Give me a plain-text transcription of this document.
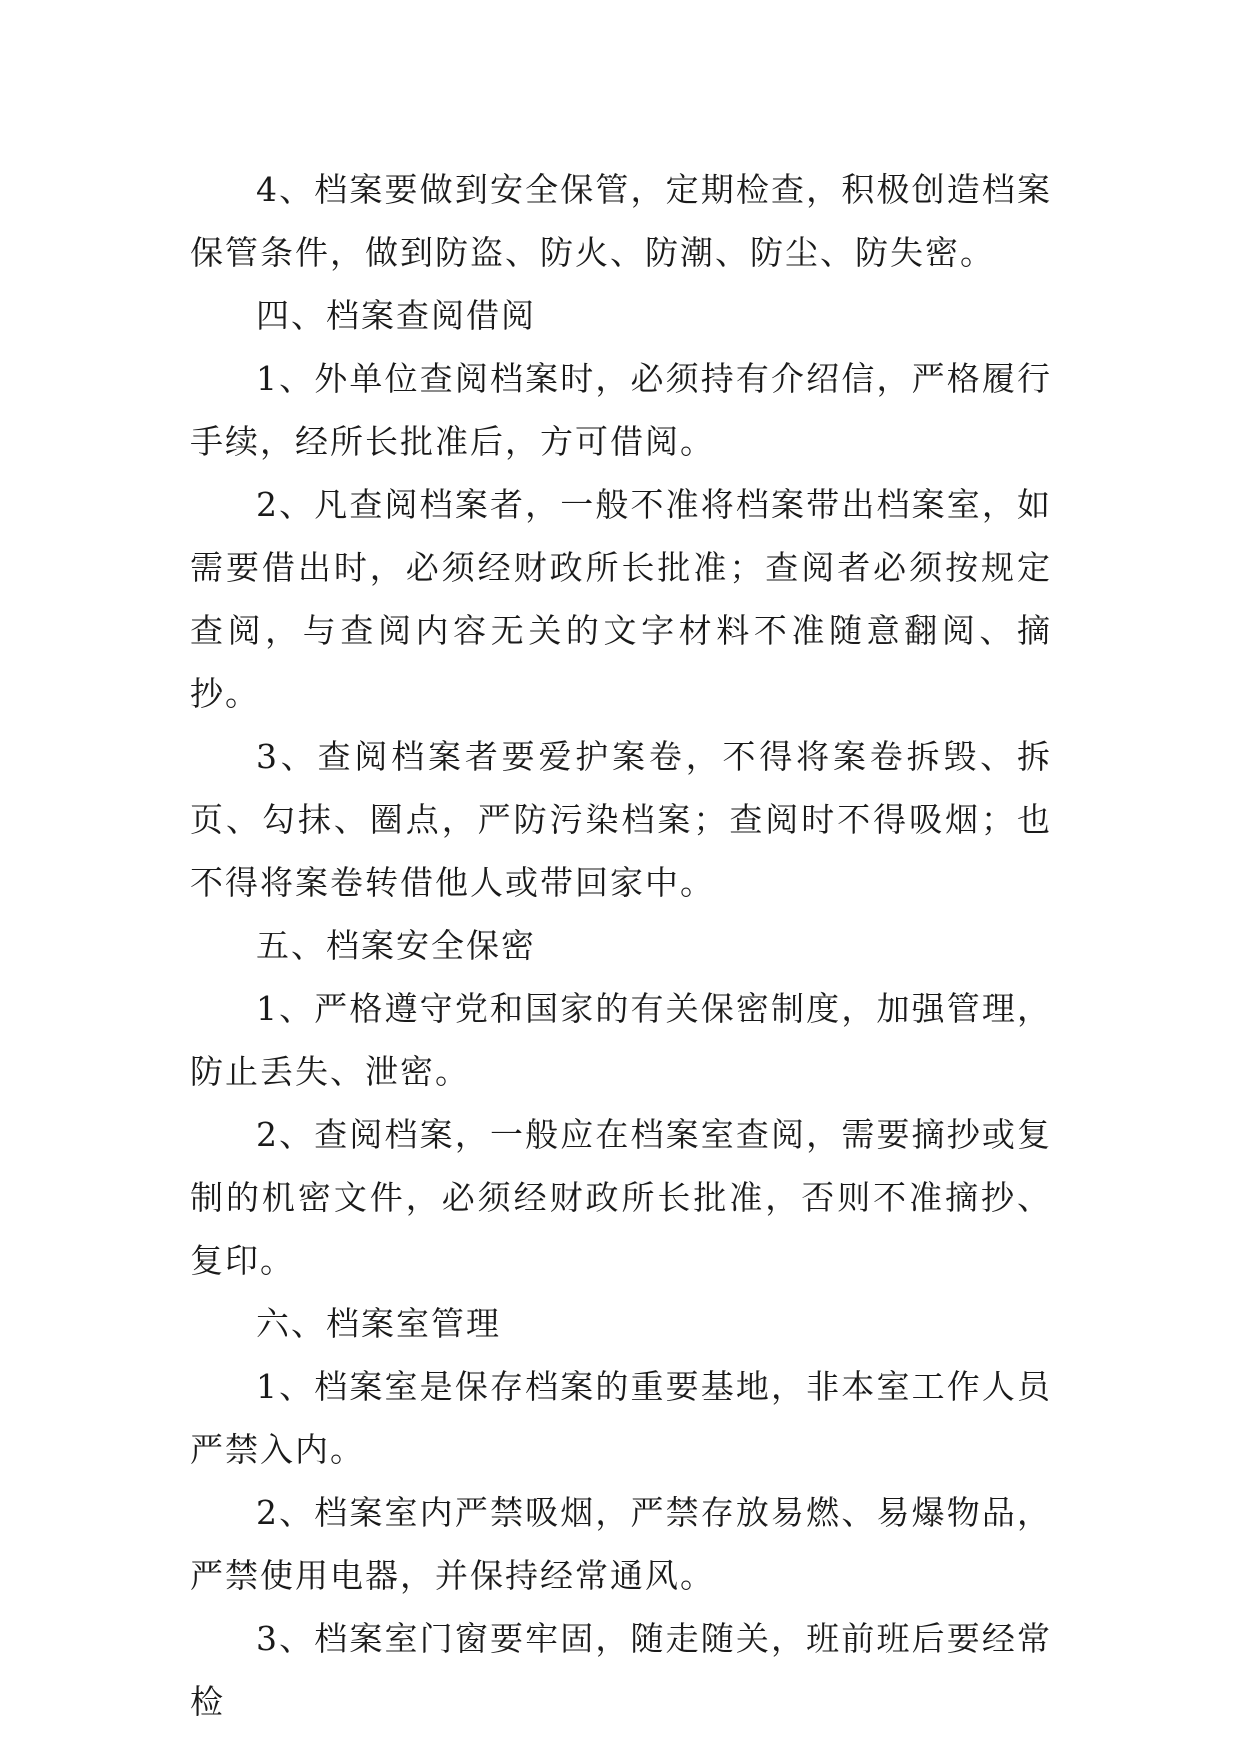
4、档案要做到安全保管，定期检查，积极创造档案保管条件，做到防盗、防火、防潮、防尘、防失密。

四、档案查阅借阅

1、外单位查阅档案时，必须持有介绍信，严格履行手续，经所长批准后，方可借阅。

2、凡查阅档案者，一般不准将档案带出档案室，如需要借出时，必须经财政所长批准；查阅者必须按规定查阅，与查阅内容无关的文字材料不准随意翻阅、摘抄。

3、查阅档案者要爱护案卷，不得将案卷拆毁、拆页、勾抹、圈点，严防污染档案；查阅时不得吸烟；也不得将案卷转借他人或带回家中。

五、档案安全保密

1、严格遵守党和国家的有关保密制度，加强管理，防止丢失、泄密。

2、查阅档案，一般应在档案室查阅，需要摘抄或复制的机密文件，必须经财政所长批准，否则不准摘抄、复印。

六、档案室管理

1、档案室是保存档案的重要基地，非本室工作人员严禁入内。

2、档案室内严禁吸烟，严禁存放易燃、易爆物品，严禁使用电器，并保持经常通风。

3、档案室门窗要牢固，随走随关，班前班后要经常检
